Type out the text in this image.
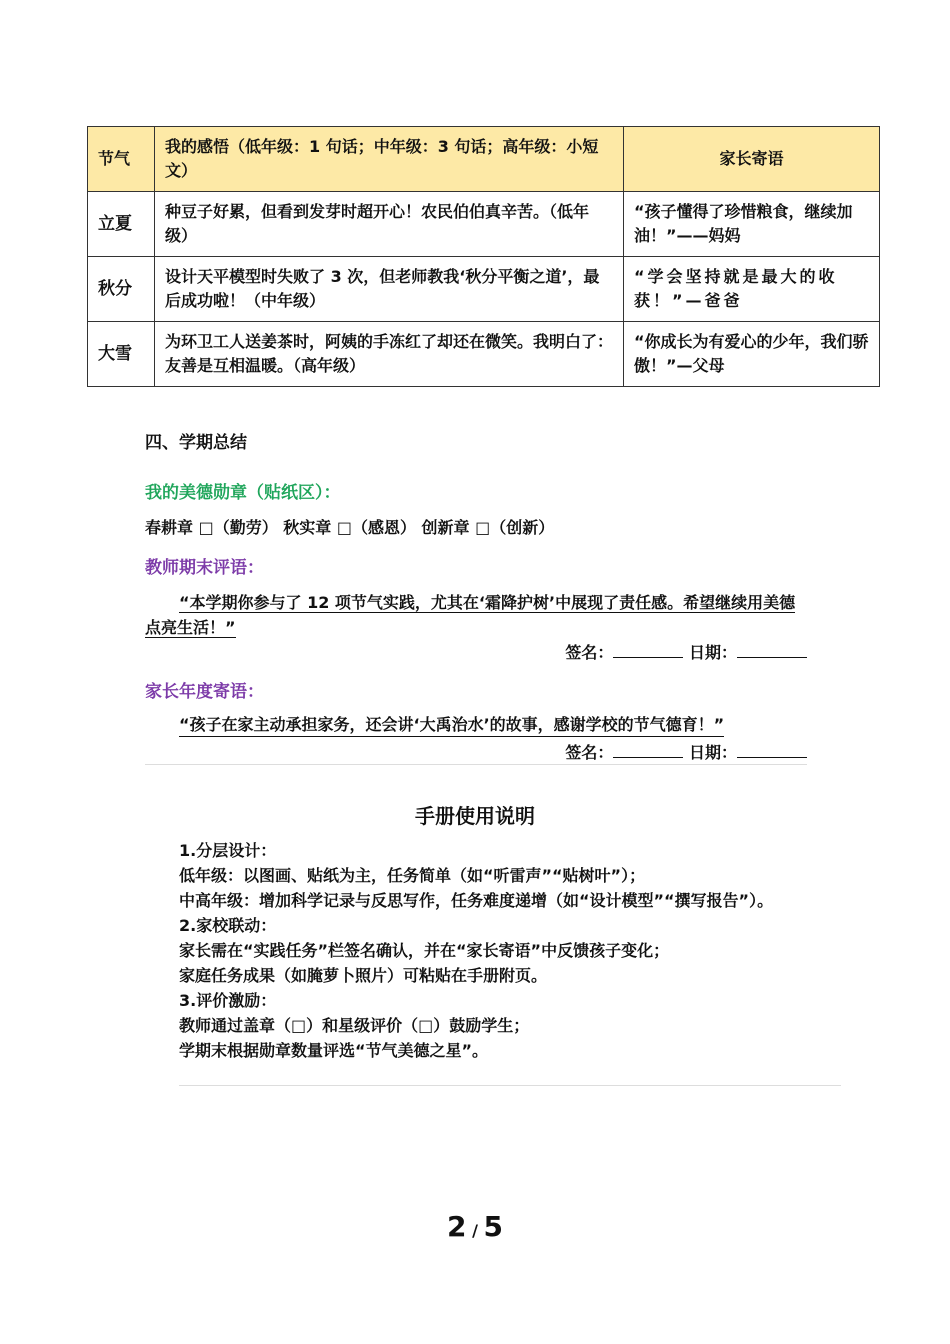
节气	我的感悟（低年级：1 句话；中年级：3 句话；高年级：小短文）	家长寄语
立夏	种豆子好累，但看到发芽时超开心！农民伯伯真辛苦。（低年级）	“孩子懂得了珍惜粮食，继续加油！”——妈妈
秋分	设计天平模型时失败了 3 次，但老师教我‘秋分平衡之道’，最后成功啦！（中年级）	“学会坚持就是最大的收获！”—爸爸
大雪	为环卫工人送姜茶时，阿姨的手冻红了却还在微笑。我明白了：友善是互相温暖。（高年级）	“你成长为有爱心的少年，我们骄傲！”—父母
四、学期总结
我的美德勋章（贴纸区）：
春耕章 □（勤劳） 秋实章 □（感恩） 创新章 □（创新）
教师期末评语：
“本学期你参与了 12 项节气实践，尤其在‘霜降护树’中展现了责任感。希望继续用美德点亮生活！”
签名：	日期：
家长年度寄语：
“孩子在家主动承担家务，还会讲‘大禹治水’的故事，感谢学校的节气德育！”
签名：	日期：
手册使用说明
1.分层设计：
低年级：以图画、贴纸为主，任务简单（如“听雷声”“贴树叶”）；
中高年级：增加科学记录与反思写作，任务难度递增（如“设计模型”“撰写报告”）。
2.家校联动：
家长需在“实践任务”栏签名确认，并在“家长寄语”中反馈孩子变化；
家庭任务成果（如腌萝卜照片）可粘贴在手册附页。
3.评价激励：
教师通过盖章（□）和星级评价（□）鼓励学生；
学期末根据勋章数量评选“节气美德之星”。
2 / 5
